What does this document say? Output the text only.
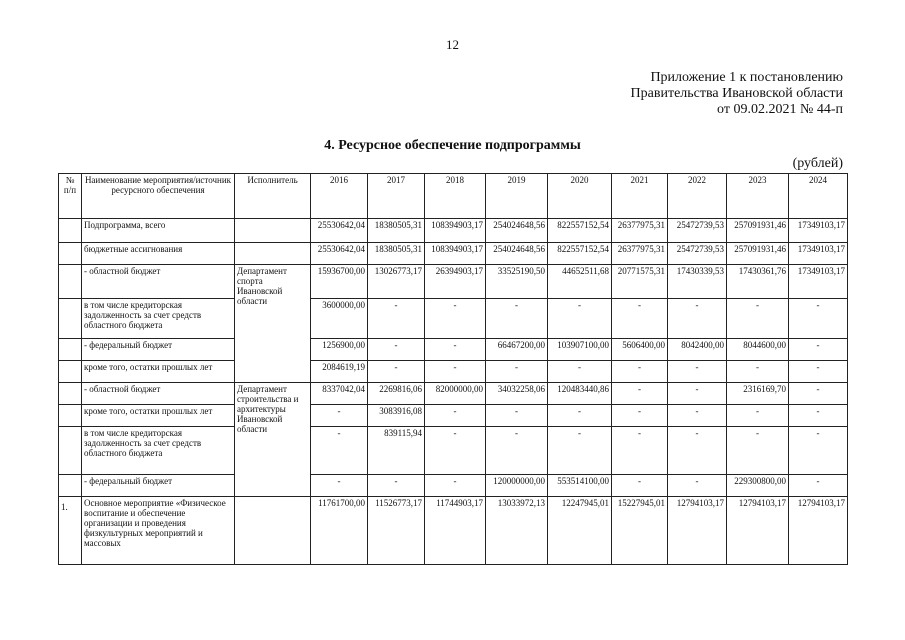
12
Приложение 1 к постановлению
Правительства Ивановской области
от 09.02.2021 № 44-п
4. Ресурсное обеспечение подпрограммы
(рублей)
№ п/п	Наименование мероприятия/источник ресурсного обеспечения	Исполнитель	2016	2017	2018	2019	2020	2021	2022	2023	2024
	Подпрограмма, всего		25530642,04	18380505,31	108394903,17	254024648,56	822557152,54	26377975,31	25472739,53	257091931,46	17349103,17
	бюджетные ассигнования		25530642,04	18380505,31	108394903,17	254024648,56	822557152,54	26377975,31	25472739,53	257091931,46	17349103,17
	- областной бюджет	Департамент спорта Ивановской области	15936700,00	13026773,17	26394903,17	33525190,50	44652511,68	20771575,31	17430339,53	17430361,76	17349103,17
	в том числе кредиторская задолженность за счет средств областного бюджета		3600000,00	-	-	-	-	-	-	-	-
	- федеральный бюджет		1256900,00	-	-	66467200,00	103907100,00	5606400,00	8042400,00	8044600,00	-
	кроме того, остатки прошлых лет		2084619,19	-	-	-	-	-	-	-	-
	- областной бюджет	Департамент строительства и архитектуры Ивановской области	8337042,04	2269816,06	82000000,00	34032258,06	120483440,86	-	-	2316169,70	-
	кроме того, остатки прошлых лет		-	3083916,08	-	-	-	-	-	-	-
	в том числе кредиторская задолженность за счет средств областного бюджета		-	839115,94	-	-	-	-	-	-	-
	- федеральный бюджет		-	-	-	120000000,00	553514100,00	-	-	229300800,00	-
1.	Основное мероприятие «Физическое воспитание и обеспечение организации и проведения физкультурных мероприятий и массовых		11761700,00	11526773,17	11744903,17	13033972,13	12247945,01	15227945,01	12794103,17	12794103,17	12794103,17
